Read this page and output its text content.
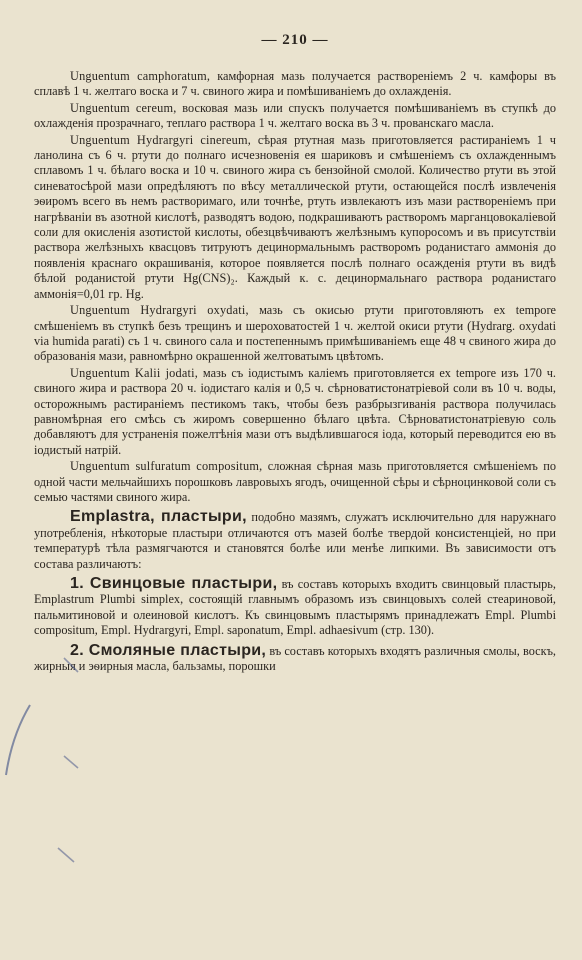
— 210 —

Unguentum camphoratum, камфорная мазь получается растворенiемъ 2 ч. камфоры въ сплавѣ 1 ч. желтаго воска и 7 ч. свиного жира и помѣшиванiемъ до охлажденiя.

Unguentum cereum, восковая мазь или спускъ получается помѣшиванiемъ въ ступкѣ до охлажденiя прозрачнаго, теплаго раствора 1 ч. желтаго воска въ 3 ч. прованскаго масла.

Unguentum Hydrargyri cinereum, сѣрая ртутная мазь приготовляется растиранiемъ 1 ч ланолина съ 6 ч. ртути до полнаго исчезновенiя ея шариковъ и смѣшенiемъ съ охлажденнымъ сплавомъ 1 ч. бѣлаго воска и 10 ч. свиного жира съ бензойной смолой. Количество ртути въ этой синеватосѣрой мази опредѣляютъ по вѣсу металлической ртути, остающейся послѣ извлеченiя эѳиромъ всего въ немъ растворимаго, или точнѣе, ртуть извлекаютъ изъ мази растворенiемъ при нагрѣванiи въ азотной кислотѣ, разводятъ водою, подкрашиваютъ растворомъ марганцовокалiевой соли для окисленiя азотистой кислоты, обезцвѣчиваютъ желѣзнымъ купоросомъ и въ присутствiи раствора желѣзныхъ квасцовъ титруютъ децинормальнымъ растворомъ роданистаго аммонiя до появленiя краснаго окрашиванiя, которое появляется послѣ полнаго осажденiя ртути въ видѣ бѣлой роданистой ртути Hg(CNS)₂. Каждый к. с. децинормальнаго раствора роданистаго аммонiя=0,01 гр. Hg.

Unguentum Hydrargyri oxydati, мазь съ окисью ртути приготовляютъ ex tempore смѣшенiемъ въ ступкѣ безъ трещинъ и шероховатостей 1 ч. желтой окиси ртути (Hydrarg. oxydati via humida parati) съ 1 ч. свиного сала и постепеннымъ примѣшиванiемъ еще 48 ч свиного жира до образованiя мази, равномѣрно окрашенной желтоватымъ цвѣтомъ.

Unguentum Kalii jodati, мазь съ iодистымъ калiемъ приготовляется ex tempore изъ 170 ч. свиного жира и раствора 20 ч. iодистаго калiя и 0,5 ч. сѣрноватистонатрiевой соли въ 10 ч. воды, осторожнымъ растиранiемъ пестикомъ такъ, чтобы безъ разбрызгиванiя раствора получилась равномѣрная его смѣсь съ жиромъ совершенно бѣлаго цвѣта. Сѣрноватистонатрiевую соль добавляютъ для устраненiя пожелтѣнiя мази отъ выдѣлившагося iода, который переводится ею въ iодистый натрiй.

Unguentum sulfuratum compositum, сложная сѣрная мазь приготовляется смѣшенiемъ по одной части мельчайшихъ порошковъ лавровыхъ ягодъ, очищенной сѣры и сѣрноцинковой соли съ семью частями свиного жира.

Emplastra, пластыри, подобно мазямъ, служатъ исключительно для наружнаго употребленiя, нѣкоторые пластыри отличаются отъ мазей болѣе твердой консистенцiей, но при температурѣ тѣла размягчаются и становятся болѣе или менѣе липкими. Въ зависимости отъ состава различаютъ:

1. Свинцовые пластыри, въ составъ которыхъ входитъ свинцовый пластырь, Emplastrum Plumbi simplex, состоящiй главнымъ образомъ изъ свинцовыхъ солей стеариновой, пальмитиновой и олеиновой кислотъ. Къ свинцовымъ пластырямъ принадлежатъ Empl. Plumbi compositum, Empl. Hydrargyri, Empl. saponatum, Empl. adhaesivum (стр. 130).

2. Смоляные пластыри, въ составъ которыхъ входятъ различныя смолы, воскъ, жирныя и эѳирныя масла, бальзамы, порошки
